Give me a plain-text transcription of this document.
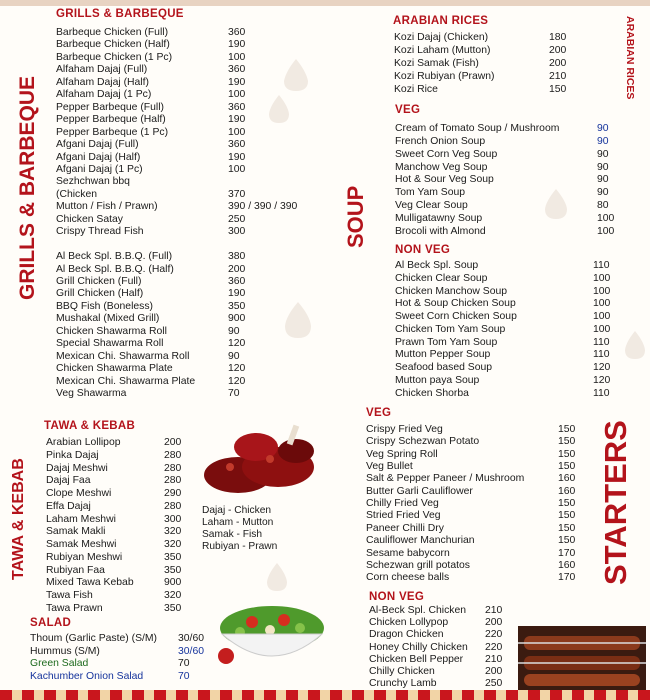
GRILLS & BARBEQUE
TAWA & KEBAB
GRILLS & BARBEQUE
Barbeque Chicken (Full)	360
Barbeque Chicken (Half)	190
Barbeque Chicken (1 Pc)	100
Alfaham Dajaj (Full)	360
Alfaham Dajaj (Half)	190
Alfaham Dajaj (1 Pc)	100
Pepper Barbeque (Full)	360
Pepper Barbeque (Half)	190
Pepper Barbeque (1 Pc)	100
Afgani Dajaj (Full)	360
Afgani Dajaj (Half)	190
Afgani Dajaj (1 Pc)	100
Sezhchwan bbq
(Chicken	370
Mutton / Fish / Prawn)	390 / 390 / 390
Chicken Satay	250
Crispy Thread Fish	300
Al Beck Spl. B.B.Q. (Full)	380
Al Beck Spl. B.B.Q. (Half)	200
Grill Chicken (Full)	360
Grill Chicken (Half)	190
BBQ Fish (Boneless)	350
Mushakal (Mixed Grill)	900
Chicken Shawarma Roll	90
Special Shawarma Roll	120
Mexican Chi. Shawarma Roll	90
Chicken Shawarma Plate	120
Mexican Chi. Shawarma Plate	120
Veg Shawarma	70
TAWA & KEBAB
Arabian Lollipop	200
Pinka Dajaj	280
Dajaj Meshwi	280
Dajaj Faa	280
Clope Meshwi	290
Effa Dajaj	280
Laham Meshwi	300
Samak Makli	320
Samak Meshwi	320
Rubiyan Meshwi	350
Rubiyan Faa	350
Mixed Tawa Kebab	900
Tawa Fish	320
Tawa Prawn	350
Dajaj - Chicken
Laham - Mutton
Samak - Fish
Rubiyan - Prawn
SALAD
Thoum (Garlic Paste) (S/M) 30/60
Hummus (S/M)	30/60
Green Salad	70
Kachumber Onion Salad	70
ARABIAN RICES
Kozi Dajaj (Chicken)	180
Kozi Laham (Mutton)	200
Kozi Samak (Fish)	200
Kozi Rubiyan (Prawn)	210
Kozi Rice	150	ARABIAN RICES
SOUP
VEG
Cream of Tomato Soup / Mushroom	90
French Onion Soup	90
Sweet Corn Veg Soup	90
Manchow Veg Soup	90
Hot & Sour Veg Soup	90
Tom Yam Soup	90
Veg Clear Soup	80
Mulligatawny Soup	100
Brocoli with Almond	100
NON VEG
Al Beck Spl. Soup	110
Chicken Clear Soup	100
Chicken Manchow Soup	100
Hot & Soup Chicken Soup	100
Sweet Corn Chicken Soup	100
Chicken Tom Yam Soup	100
Prawn Tom Yam Soup	110
Mutton Pepper Soup	110
Seafood based Soup	120
Mutton paya Soup	120
Chicken Shorba	110
STARTERS
VEG
Crispy Fried Veg	150
Crispy Schezwan Potato	150
Veg Spring Roll	150
Veg Bullet	150
Salt & Pepper Paneer / Mushroom	160
Butter Garli Cauliflower	160
Chilly Fried Veg	150
Stried Fried Veg	150
Paneer Chilli Dry	150
Cauliflower Manchurian	150
Sesame babycorn	170
Schezwan grill potatos	160
Corn cheese balls	170
NON VEG
Al-Beck Spl. Chicken 210
Chicken Lollypop	200
Dragon Chicken	220
Honey Chilly Chicken 220
Chicken Bell Pepper 210
Chilly Chicken	200
Crunchy Lamb	250
